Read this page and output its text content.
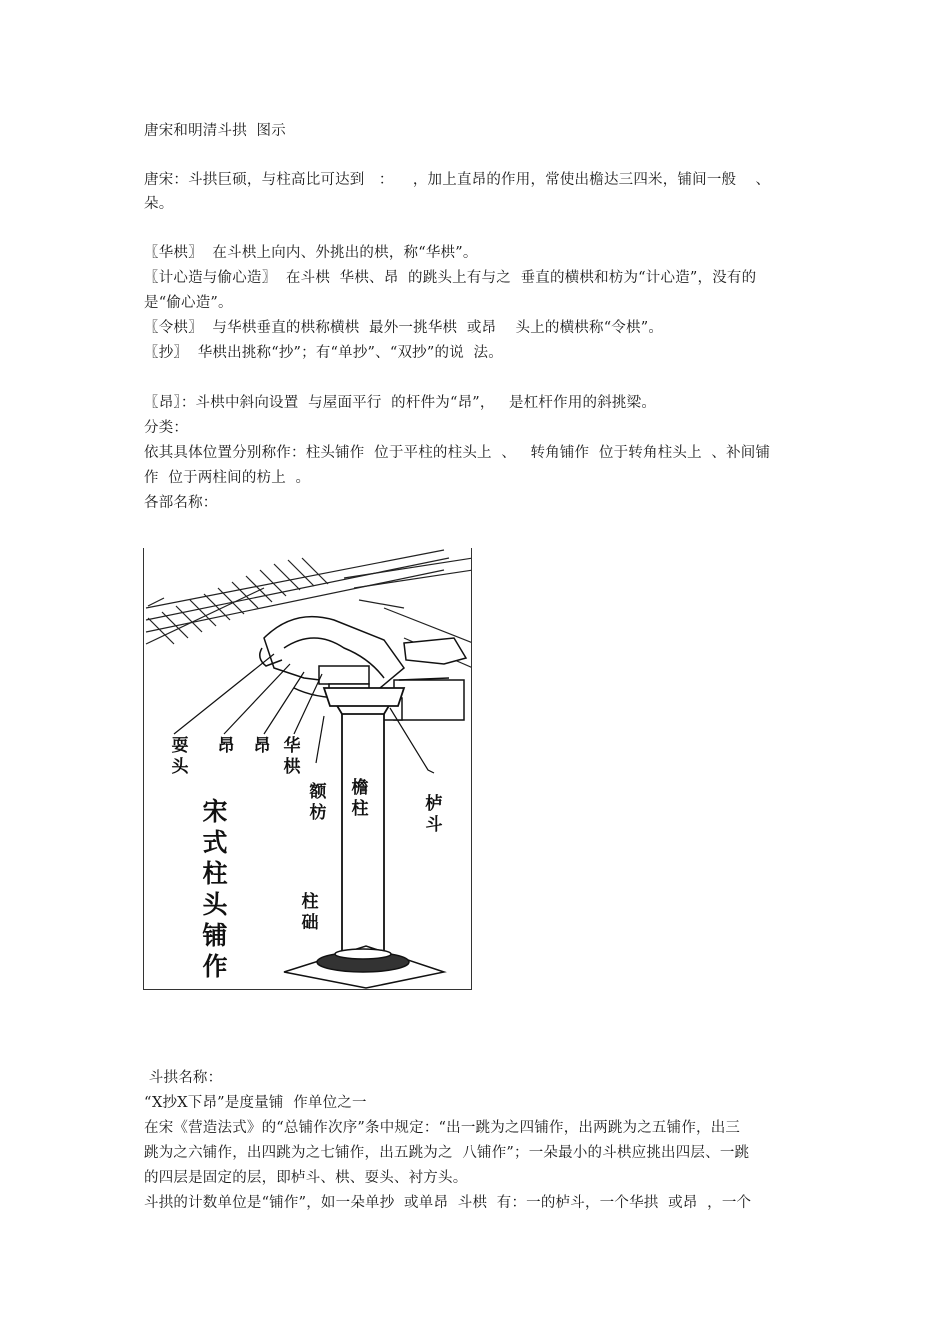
唐宋和明清斗拱  图示
唐宋：斗拱巨硕，与柱高比可达到   ：    ，加上直昂的作用，常使出檐达三四米，铺间一般    、
朵。
〖华栱〗  在斗栱上向内、外挑出的栱，称“华栱”。
〖计心造与偷心造〗  在斗栱  华栱、昂  的跳头上有与之  垂直的横栱和枋为“计心造”，没有的
是“偷心造”。
〖令栱〗  与华栱垂直的栱称横栱  最外一挑华栱  或昂    头上的横栱称“令栱”。
〖抄〗  华栱出挑称“抄”；有“单抄”、“双抄”的说  法。
〖昂〗：斗栱中斜向设置  与屋面平行  的杆件为“昂”，   是杠杆作用的斜挑梁。
分类：
依其具体位置分别称作：柱头铺作  位于平柱的柱头上  、   转角铺作  位于转角柱头上  、补间铺
作  位于两柱间的枋上  。
各部名称：
耍头
昂 昂 华栱
额枋
檐柱	栌斗
柱础
宋式柱头铺作
斗拱名称：
“X抄X下昂”是度量铺  作单位之一
在宋《营造法式》的“总铺作次序”条中规定：“出一跳为之四铺作，出两跳为之五铺作，出三
跳为之六铺作，出四跳为之七铺作，出五跳为之  八铺作”；一朵最小的斗栱应挑出四层、一跳
的四层是固定的层，即栌斗、栱、耍头、衬方头。
斗拱的计数单位是“铺作”，如一朵单抄  或单昂  斗栱  有：一的栌斗，一个华拱  或昂  ，一个
